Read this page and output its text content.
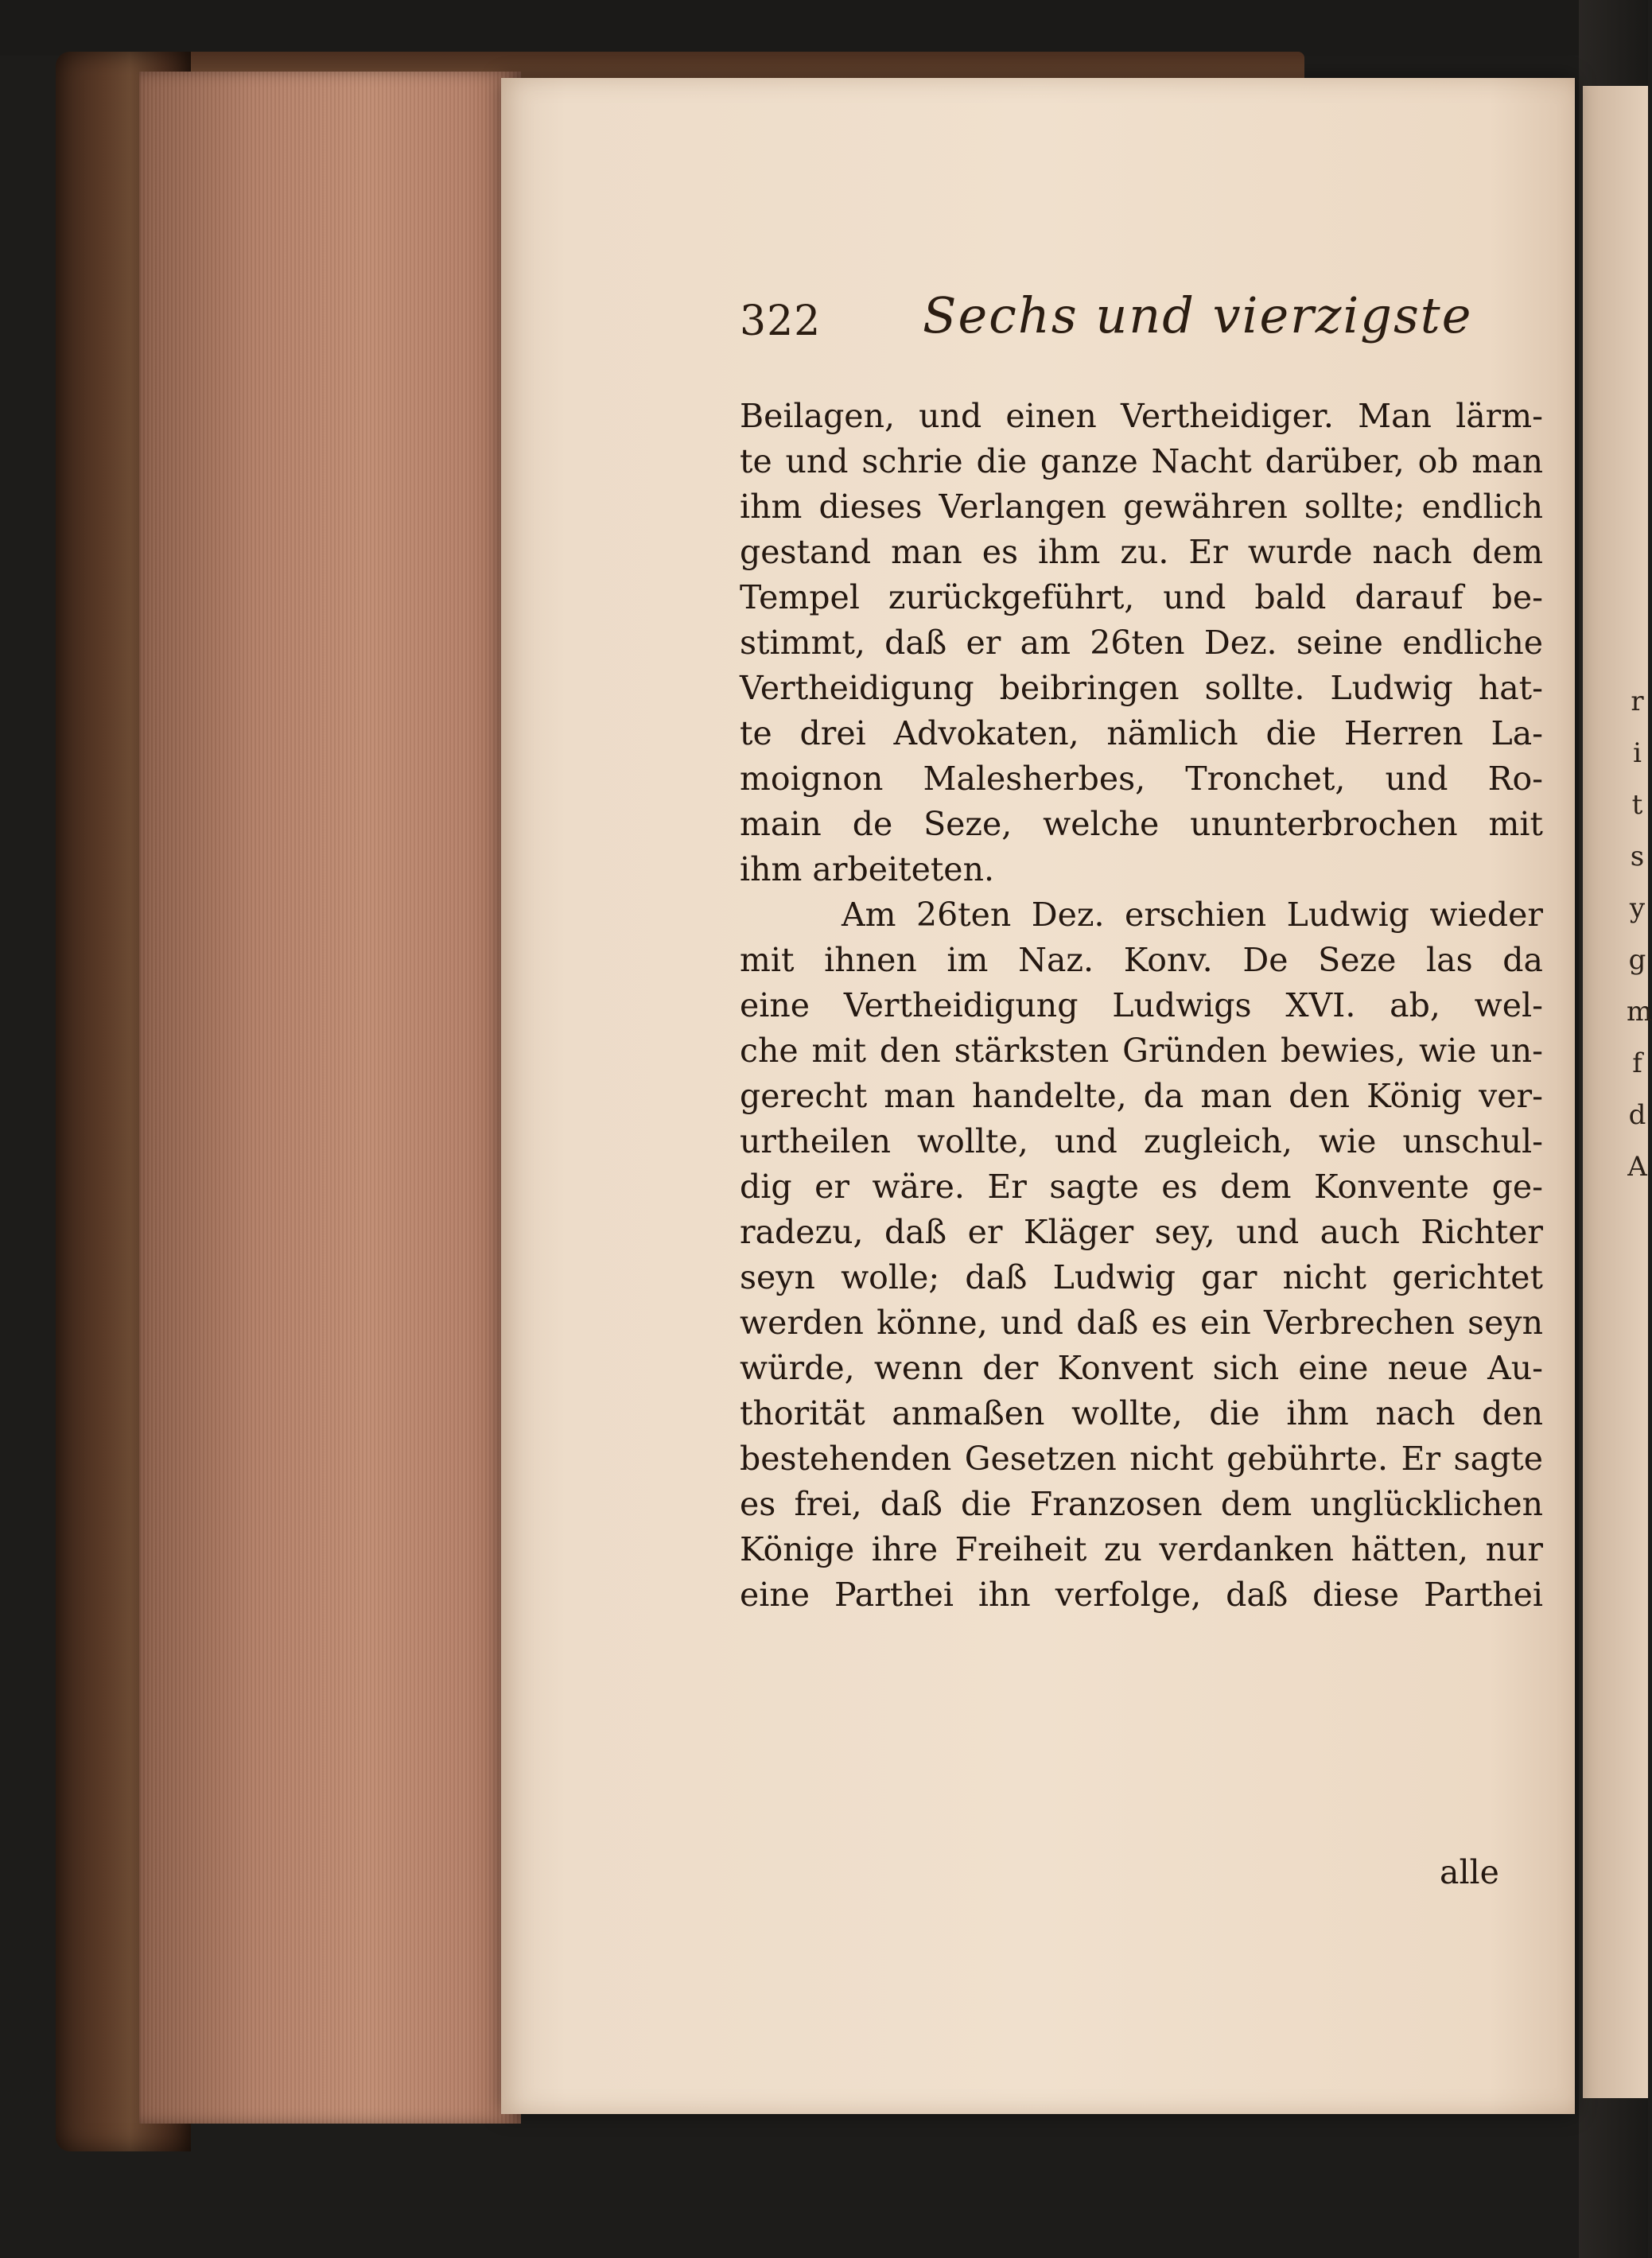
r
i
t
s
y
g
m
f
d
A
322 Sechs und vierzigste
Beilagen, und einen Vertheidiger. Man lärm-
te und schrie die ganze Nacht darüber, ob man
ihm dieses Verlangen gewähren sollte; endlich
gestand man es ihm zu. Er wurde nach dem
Tempel zurückgeführt, und bald darauf be-
stimmt, daß er am 26ten Dez. seine endliche
Vertheidigung beibringen sollte. Ludwig hat-
te drei Advokaten, nämlich die Herren La-
moignon Malesherbes, Tronchet, und Ro-
main de Seze, welche ununterbrochen mit
ihm arbeiteten.
Am 26ten Dez. erschien Ludwig wieder
mit ihnen im Naz. Konv. De Seze las da
eine Vertheidigung Ludwigs XVI. ab, wel-
che mit den stärksten Gründen bewies, wie un-
gerecht man handelte, da man den König ver-
urtheilen wollte, und zugleich, wie unschul-
dig er wäre. Er sagte es dem Konvente ge-
radezu, daß er Kläger sey, und auch Richter
seyn wolle; daß Ludwig gar nicht gerichtet
werden könne, und daß es ein Verbrechen seyn
würde, wenn der Konvent sich eine neue Au-
thorität anmaßen wollte, die ihm nach den
bestehenden Gesetzen nicht gebührte. Er sagte
es frei, daß die Franzosen dem unglücklichen
Könige ihre Freiheit zu verdanken hätten, nur
eine Parthei ihn verfolge, daß diese Parthei
alle
